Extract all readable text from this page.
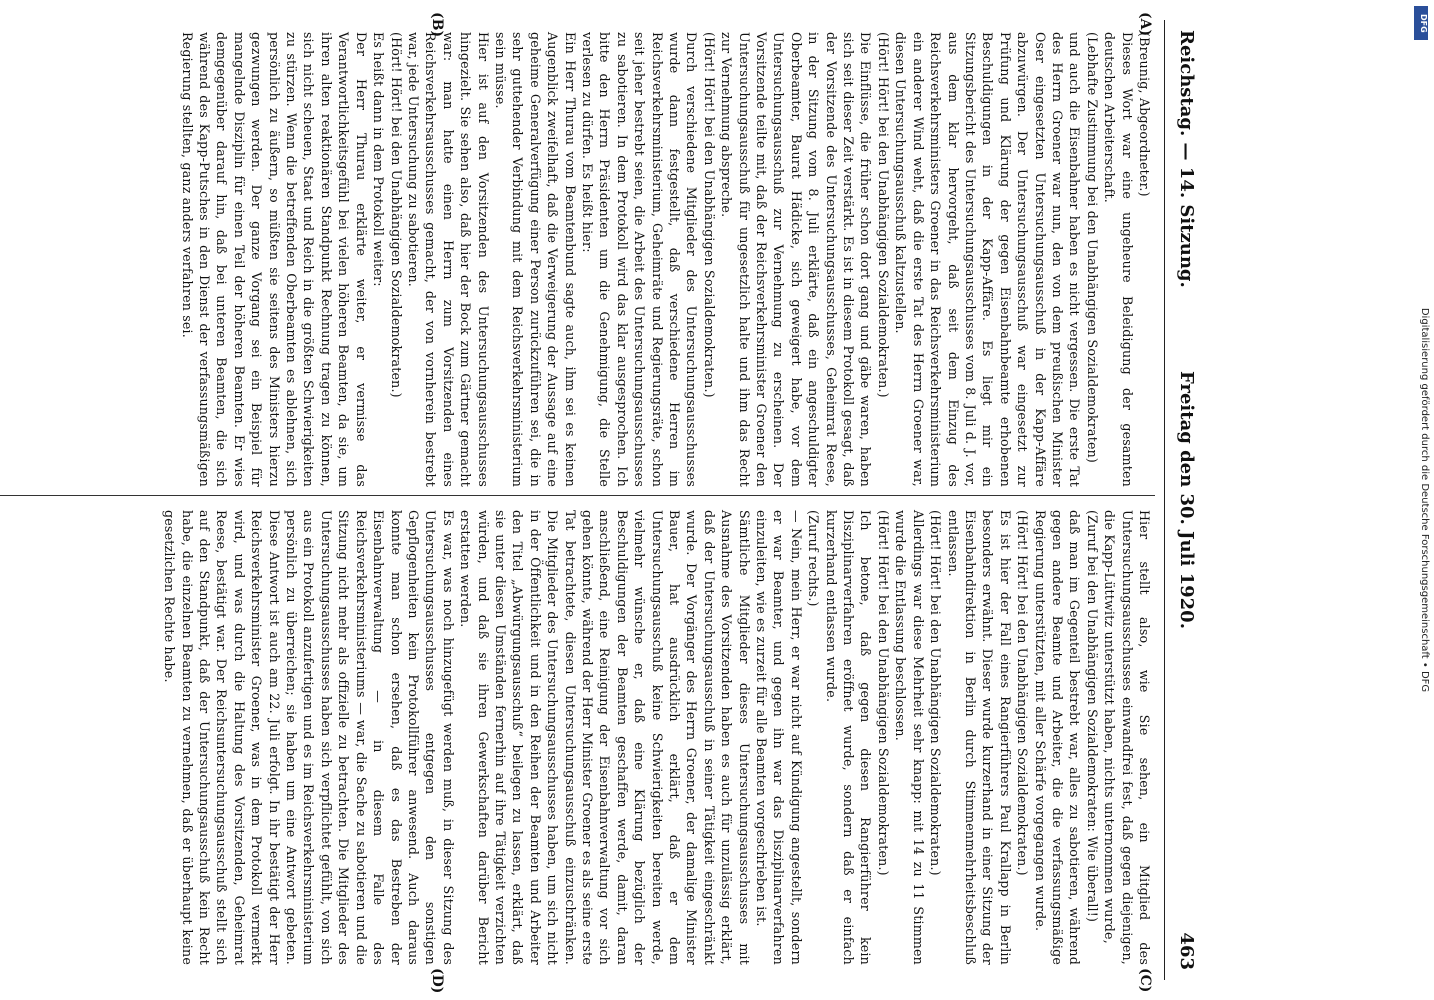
Reichstag. — 14. Sitzung.
Freitag den 30. Juli 1920.
463
(A)
(B)
(C)
(D)
(Breunig, Abgeordneter.)
Dieses Wort war eine ungeheure Beleidigung der gesamten deutschen Arbeiterschaft.
(Lebhafte Zustimmung bei den Unabhängigen Sozialdemokraten)
und auch die Eisenbahner haben es nicht vergessen. Die erste Tat des Herrn Groener war nun, den von dem preußischen Minister Oser eingesetzten Untersuchungsausschuß in der Kapp-Affäre abzuwürgen. Der Untersuchungsausschuß war eingesetzt zur Prüfung und Klärung der gegen Eisenbahnbeamte erhobenen Beschuldigungen in der Kapp-Affäre. Es liegt mir ein Sitzungsbericht des Untersuchungsausschusses vom 8. Juli d. J. vor, aus dem klar hervorgeht, daß seit dem Einzug des Reichsverkehrsministers Groener in das Reichsverkehrsministerium ein anderer Wind weht, daß die erste Tat des Herrn Groener war, diesen Untersuchungsausschuß kaltzustellen.
(Hört! Hört! bei den Unabhängigen Sozialdemokraten.)
Die Einflüsse, die früher schon dort gang und gäbe waren, haben sich seit dieser Zeit verstärkt. Es ist in diesem Protokoll gesagt, daß der Vorsitzende des Untersuchungsausschusses, Geheimrat Reese, in der Sitzung vom 8. Juli erklärte, daß ein angeschuldigter Oberbeamter, Baurat Hädicke, sich geweigert habe, vor dem Untersuchungsausschuß zur Vernehmung zu erscheinen. Der Vorsitzende teilte mit, daß der Reichsverkehrsminister Groener den Untersuchungsausschuß für ungesetzlich halte und ihm das Recht zur Vernehmung abspreche.
(Hört! Hört! bei den Unabhängigen Sozialdemokraten.)
Durch verschiedene Mitglieder des Untersuchungsausschusses wurde dann festgestellt, daß verschiedene Herren im Reichsverkehrsministerium, Geheimräte und Regierungsräte, schon seit jeher bestrebt seien, die Arbeit des Untersuchungsausschusses zu sabotieren. In dem Protokoll wird das klar ausgesprochen. Ich bitte den Herrn Präsidenten um die Genehmigung, die Stelle verlesen zu dürfen. Es heißt hier:
Ein Herr Thurau vom Beamtenbund sagte auch, ihm sei es keinen Augenblick zweifelhaft, daß die Verweigerung der Aussage auf eine geheime Generalverfügung einer Person zurückzuführen sei, die in sehr guttehender Verbindung mit dem Reichsverkehrsministerium sein müsse.
Hier ist auf den Vorsitzenden des Untersuchungsausschusses hingezielt. Sie sehen also, daß hier der Bock zum Gärtner gemacht war: man hatte einen Herrn zum Vorsitzenden eines Reichsverkehrsausschusses gemacht, der von vornherein bestrebt war, jede Untersuchung zu sabotieren.
(Hört! Hört! bei den Unabhängigen Sozialdemokraten.)
Es heißt dann in dem Protokoll weiter:
Der Herr Thurau erklärte weiter, er vermisse das Verantwortlichkeitsgefühl bei vielen höheren Beamten, da sie, um ihren alten reaktionären Standpunkt Rechnung tragen zu können, sich nicht scheuen, Staat und Reich in die größten Schwierigkeiten zu stürzen. Wenn die betreffenden Oberbeamten es ablehnen, sich persönlich zu äußern, so müßten sie seitens des Ministers hierzu gezwungen werden. Der ganze Vorgang sei ein Beispiel für mangelnde Disziplin für einen Teil der höheren Beamten. Er wies demgegenüber darauf hin, daß bei unteren Beamten, die sich während des Kapp-Putsches in den Dienst der verfassungsmäßigen Regierung stellten, ganz anders verfahren sei.
Hier stellt also, wie Sie sehen, ein Mitglied des Untersuchungsausschusses einwandfrei fest, daß gegen diejenigen, die Kapp-Lüttwitz unterstützt haben, nichts unternommen wurde,
(Zuruf bei den Unabhängigen Sozialdemokraten: Wie überall!)
daß man im Gegenteil bestrebt war, alles zu sabotieren, während gegen andere Beamte und Arbeiter, die die verfassungsmäßige Regierung unterstützten, mit aller Schärfe vorgegangen wurde.
(Hört! Hört! bei den Unabhängigen Sozialdemokraten.)
Es ist hier der Fall eines Rangierführers Paul Krallapp in Berlin besonders erwähnt. Dieser wurde kurzerhand in einer Sitzung der Eisenbahndirektion in Berlin durch Stimmenmehrheitsbeschluß entlassen.
(Hört! Hört! bei den Unabhängigen Sozialdemokraten.)
Allerdings war diese Mehrheit sehr knapp: mit 14 zu 11 Stimmen wurde die Entlassung beschlossen.
(Hört! Hört! bei den Unabhängigen Sozialdemokraten.)
Ich betone, daß gegen diesen Rangierführer kein Disziplinarverfahren eröffnet wurde, sondern daß er einfach kurzerhand entlassen wurde.
(Zuruf rechts.)
— Nein, mein Herr, er war nicht auf Kündigung angestellt, sondern er war Beamter, und gegen ihn war das Disziplinarverfahren einzuleiten, wie es zurzeit für alle Beamten vorgeschrieben ist.
Sämtliche Mitglieder dieses Untersuchungsausschusses mit Ausnahme des Vorsitzenden haben es auch für unzulässig erklärt, daß der Untersuchungsausschuß in seiner Tätigkeit eingeschränkt wurde. Der Vorgänger des Herrn Groener, der damalige Minister Bauer, hat ausdrücklich erklärt, daß er dem Untersuchungsausschuß keine Schwierigkeiten bereiten werde, vielmehr wünsche er, daß eine Klärung bezüglich der Beschuldigungen der Beamten geschaffen werde, damit, daran anschließend, eine Reinigung der Eisenbahnverwaltung vor sich gehen könnte, während der Herr Minister Groener es als seine erste Tat betrachtete, diesen Untersuchungsausschuß einzuschränken. Die Mitglieder des Untersuchungsausschusses haben, um sich nicht in der Öffentlichkeit und in den Reihen der Beamten und Arbeiter den Titel „Abwürgungsausschuß“ beilegen zu lassen, erklärt, daß sie unter diesen Umständen fernerhin auf ihre Tätigkeit verzichten würden, und daß sie ihren Gewerkschaften darüber Bericht erstatten werden.
Es war, was noch hinzugefügt werden muß, in dieser Sitzung des Untersuchungsausschusses entgegen den sonstigen Gepflogenheiten kein Protokollführer anwesend. Auch daraus konnte man schon ersehen, daß es das Bestreben der Eisenbahnverwaltung — in diesem Falle des Reichsverkehrsministeriums — war, die Sache zu sabotieren und die Sitzung nicht mehr als offizielle zu betrachten. Die Mitglieder des Untersuchungsausschusses haben sich verpflichtet gefühlt, von sich aus ein Protokoll anzufertigen und es im Reichsverkehrsministerium persönlich zu überreichen; sie haben um eine Antwort gebeten. Diese Antwort ist auch am 22. Juli erfolgt. In ihr bestätigt der Herr Reichsverkehrsminister Groener, was in dem Protokoll vermerkt wird, und was durch die Haltung des Vorsitzenden, Geheimrat Reese, bestätigt war. Der Reichsuntersuchungsausschuß stellt sich auf den Standpunkt, daß der Untersuchungsausschuß kein Recht habe, die einzelnen Beamten zu vernehmen, daß er überhaupt keine gesetzlichen Rechte habe.	Digitalisierung gefördert durch die Deutsche Forschungsgemeinschaft • DFG
DFG
